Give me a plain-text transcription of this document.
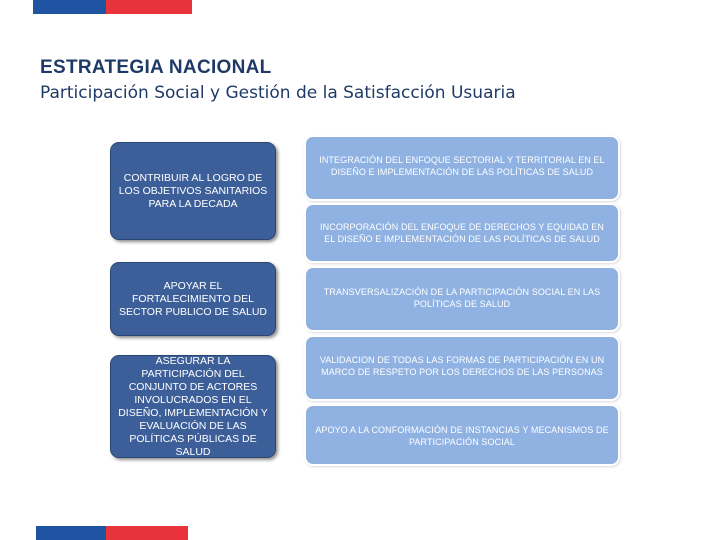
ESTRATEGIA NACIONAL
Participación Social y Gestión de la Satisfacción Usuaria
CONTRIBUIR AL LOGRO DE LOS OBJETIVOS SANITARIOS PARA LA DECADA
APOYAR EL FORTALECIMIENTO DEL SECTOR PUBLICO DE SALUD
ASEGURAR LA PARTICIPACIÓN DEL CONJUNTO DE ACTORES INVOLUCRADOS EN EL DISEÑO, IMPLEMENTACIÓN Y EVALUACIÓN DE LAS POLÍTICAS PÚBLICAS DE SALUD
INTEGRACIÓN DEL ENFOQUE SECTORIAL Y TERRITORIAL EN EL DISEÑO E IMPLEMENTACIÓN DE LAS POLÍTICAS DE SALUD
INCORPORACIÓN DEL ENFOQUE DE DERECHOS Y EQUIDAD EN EL DISEÑO E IMPLEMENTACIÓN DE LAS POLÍTICAS DE SALUD
TRANSVERSALIZACIÓN DE LA PARTICIPACIÓN SOCIAL EN LAS POLÍTICAS DE SALUD
VALIDACION DE TODAS LAS FORMAS DE PARTICIPACIÓN EN UN MARCO DE RESPETO POR LOS DERECHOS DE LAS PERSONAS
APOYO A LA CONFORMACIÓN DE INSTANCIAS Y MECANISMOS DE PARTICIPACIÓN SOCIAL
